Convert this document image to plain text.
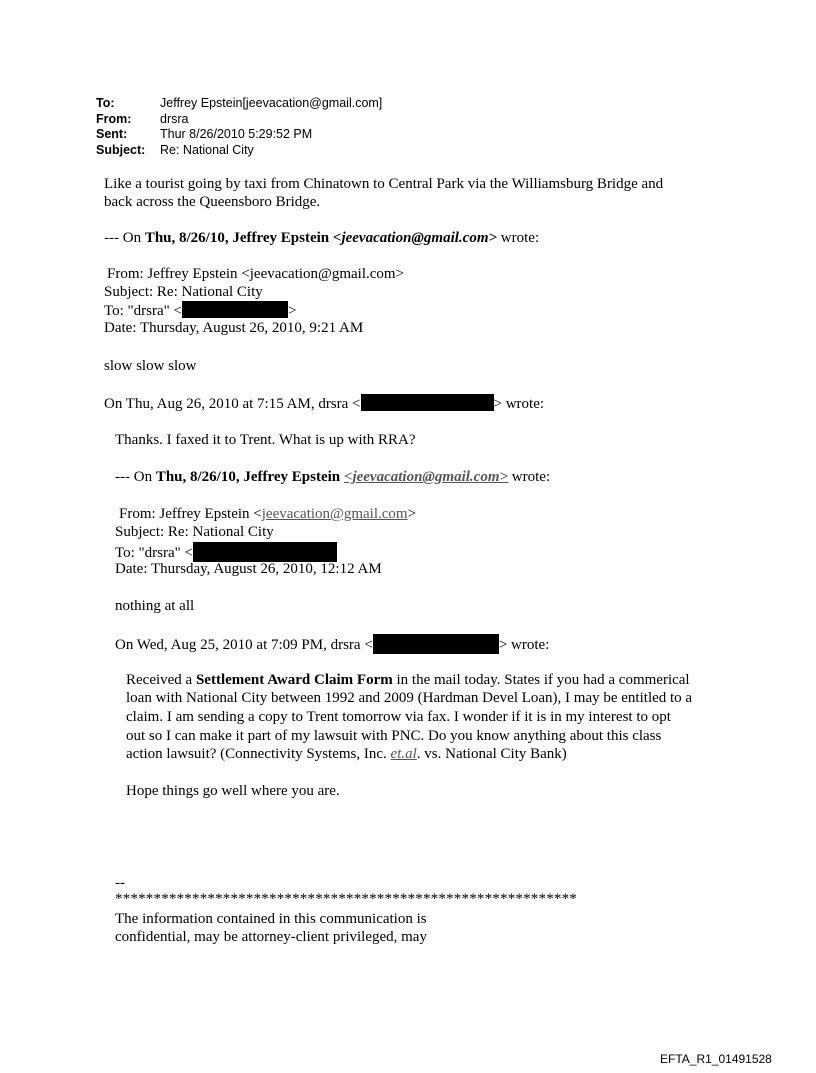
To:	Jeffrey Epstein[jeevacation@gmail.com]
From:	drsra
Sent:	Thur 8/26/2010 5:29:52 PM
Subject:	Re: National City
Like a tourist going by taxi from Chinatown to Central Park via the Williamsburg Bridge and
back across the Queensboro Bridge.
--- On Thu, 8/26/10, Jeffrey Epstein <jeevacation@gmail.com> wrote:
From: Jeffrey Epstein <jeevacation@gmail.com>
Subject: Re: National City
To: "drsra" <	>
Date: Thursday, August 26, 2010, 9:21 AM
slow slow slow
On Thu, Aug 26, 2010 at 7:15 AM, drsra <	> wrote:
Thanks. I faxed it to Trent. What is up with RRA?
--- On Thu, 8/26/10, Jeffrey Epstein <jeevacation@gmail.com> wrote:
From: Jeffrey Epstein <jeevacation@gmail.com>
Subject: Re: National City
To: "drsra" <
Date: Thursday, August 26, 2010, 12:12 AM
nothing at all
On Wed, Aug 25, 2010 at 7:09 PM, drsra <	> wrote:
Received a Settlement Award Claim Form in the mail today. States if you had a commerical
loan with National City between 1992 and 2009 (Hardman Devel Loan), I may be entitled to a
claim. I am sending a copy to Trent tomorrow via fax. I wonder if it is in my interest to opt
out so I can make it part of my lawsuit with PNC. Do you know anything about this class
action lawsuit? (Connectivity Systems, Inc. et.al. vs. National City Bank)
Hope things go well where you are.
--
************************************************************
The information contained in this communication is
confidential, may be attorney-client privileged, may
EFTA_R1_01491528
